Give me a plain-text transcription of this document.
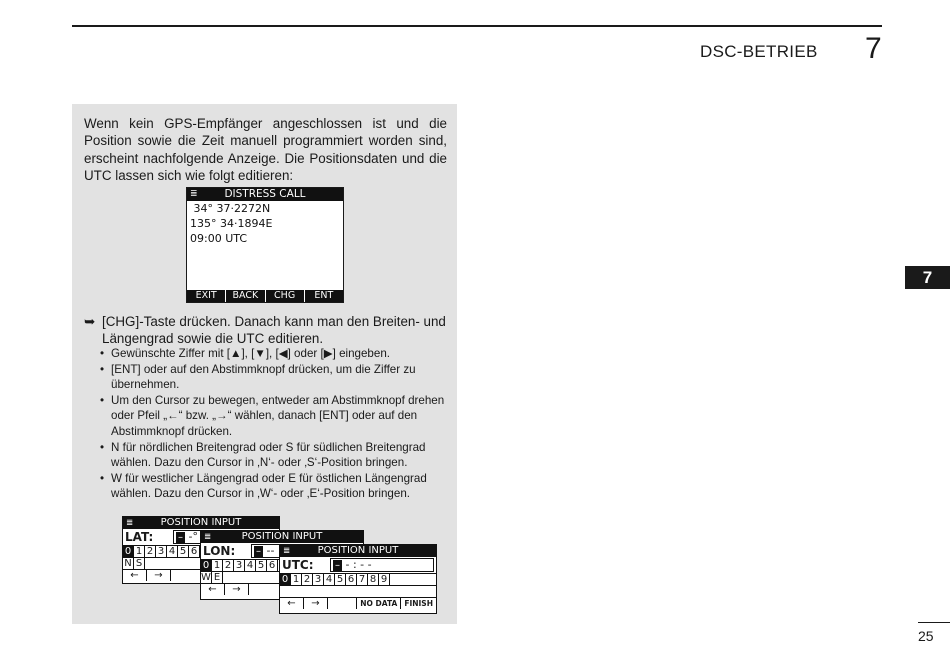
DSC-BETRIEB 7
7
25

Wenn kein GPS-Empfänger angeschlossen ist und die Position sowie die Zeit manuell programmiert worden sind, erscheint nachfolgende Anzeige. Die Positionsdaten und die UTC lassen sich wie folgt editieren:

≣	DISTRESS CALL
34° 37·2272N
135° 34·1894E
09:00 UTC
EXIT	BACK	CHG	ENT
➥ [CHG]-Taste drücken. Danach kann man den Breiten- und Längengrad sowie die UTC editieren.
• Gewünschte Ziffer mit [▲], [▼], [◀] oder [▶] eingeben.
• [ENT] oder auf den Abstimmknopf drücken, um die Ziffer zu übernehmen.
• Um den Cursor zu bewegen, entweder am Abstimmknopf drehen oder Pfeil „←“ bzw. „→“ wählen, danach [ENT] oder auf den Abstimmknopf drücken.
• N für nördlichen Breitengrad oder S für südlichen Breitengrad wählen. Dazu den Cursor in ‚N‘- oder ‚S‘-Position bringen.
• W für westlicher Längengrad oder E für östlichen Längengrad wählen. Dazu den Cursor in ‚W‘- oder ‚E‘-Position bringen.
≣	POSITION INPUT
LAT:	– -°
0 1 2 3 4 5 6
N S
←	→
≣	POSITION INPUT
LON:	– --
0 1 2 3 4 5 6
W E
←	→
≣	POSITION INPUT
UTC:	– - : - -
0 1 2 3 4 5 6 7 8 9
←	→	NO DATA FINISH
